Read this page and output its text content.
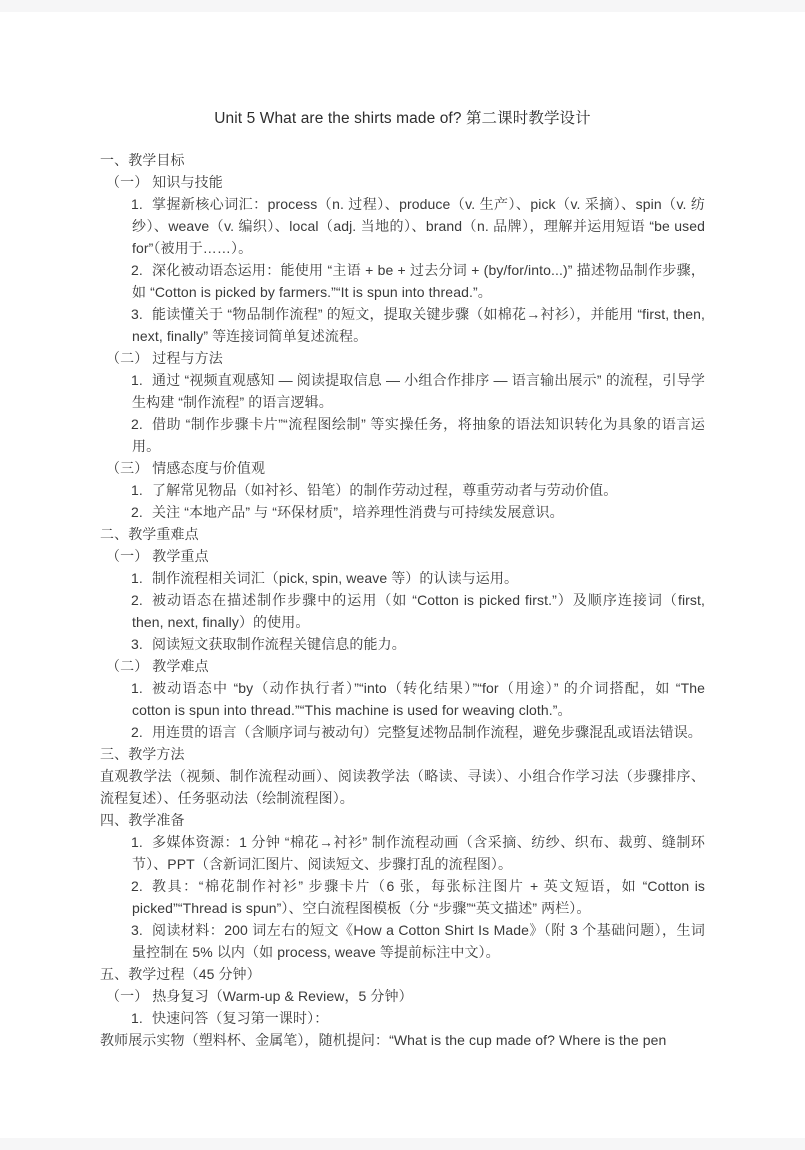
Unit 5 What are the shirts made of? 第二课时教学设计
一、教学目标
（一） 知识与技能
1. 掌握新核心词汇：process（n. 过程）、produce（v. 生产）、pick（v. 采摘）、spin（v. 纺纱）、weave（v. 编织）、local（adj. 当地的）、brand（n. 品牌），理解并运用短语 “be used for”（被用于……）。
2. 深化被动语态运用：能使用 “主语 + be + 过去分词 + (by/for/into...)” 描述物品制作步骤，如 “Cotton is picked by farmers.”“It is spun into thread.”。
3. 能读懂关于 “物品制作流程” 的短文，提取关键步骤（如棉花→衬衫），并能用 “first, then, next, finally” 等连接词简单复述流程。
（二） 过程与方法
1. 通过 “视频直观感知 — 阅读提取信息 — 小组合作排序 — 语言输出展示” 的流程，引导学生构建 “制作流程” 的语言逻辑。
2. 借助 “制作步骤卡片”“流程图绘制” 等实操任务，将抽象的语法知识转化为具象的语言运用。
（三） 情感态度与价值观
1. 了解常见物品（如衬衫、铅笔）的制作劳动过程，尊重劳动者与劳动价值。
2. 关注 “本地产品” 与 “环保材质”，培养理性消费与可持续发展意识。
二、教学重难点
（一） 教学重点
1. 制作流程相关词汇（pick, spin, weave 等）的认读与运用。
2. 被动语态在描述制作步骤中的运用（如 “Cotton is picked first.”）及顺序连接词（first, then, next, finally）的使用。
3. 阅读短文获取制作流程关键信息的能力。
（二） 教学难点
1. 被动语态中 “by（动作执行者）”“into（转化结果）”“for（用途）” 的介词搭配，如 “The cotton is spun into thread.”“This machine is used for weaving cloth.”。
2. 用连贯的语言（含顺序词与被动句）完整复述物品制作流程，避免步骤混乱或语法错误。
三、教学方法
直观教学法（视频、制作流程动画）、阅读教学法（略读、寻读）、小组合作学习法（步骤排序、流程复述）、任务驱动法（绘制流程图）。
四、教学准备
1. 多媒体资源：1 分钟 “棉花→衬衫” 制作流程动画（含采摘、纺纱、织布、裁剪、缝制环节）、PPT（含新词汇图片、阅读短文、步骤打乱的流程图）。
2. 教具：“棉花制作衬衫” 步骤卡片（6 张，每张标注图片 + 英文短语，如 “Cotton is picked”“Thread is spun”）、空白流程图模板（分 “步骤”“英文描述” 两栏）。
3. 阅读材料：200 词左右的短文《How a Cotton Shirt Is Made》（附 3 个基础问题），生词量控制在 5% 以内（如 process, weave 等提前标注中文）。
五、教学过程（45 分钟）
（一） 热身复习（Warm-up & Review，5 分钟）
1. 快速问答（复习第一课时）：
教师展示实物（塑料杯、金属笔），随机提问：“What is the cup made of? Where is the pen
